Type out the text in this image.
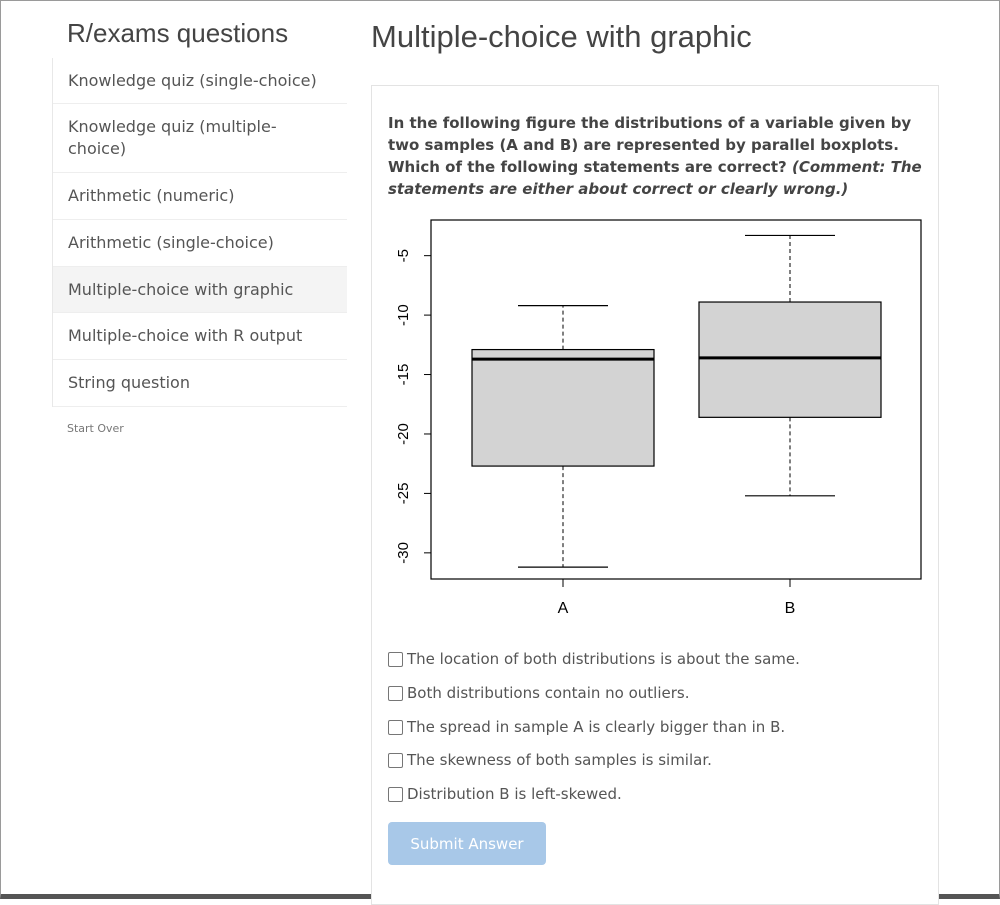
R/exams questions
Knowledge quiz (single-choice)
Knowledge quiz (multiple-choice)
Arithmetic (numeric)
Arithmetic (single-choice)
Multiple-choice with graphic
Multiple-choice with R output
String question
Start Over
Multiple-choice with graphic
In the following figure the distributions of a variable given by two samples (A and B) are represented by parallel boxplots. Which of the following statements are correct? (Comment: The statements are either about correct or clearly wrong.)
-5
-10
-15
-20
-25
-30
A	B
The location of both distributions is about the same.
Both distributions contain no outliers.
The spread in sample A is clearly bigger than in B.
The skewness of both samples is similar.
Distribution B is left-skewed.
Submit Answer
